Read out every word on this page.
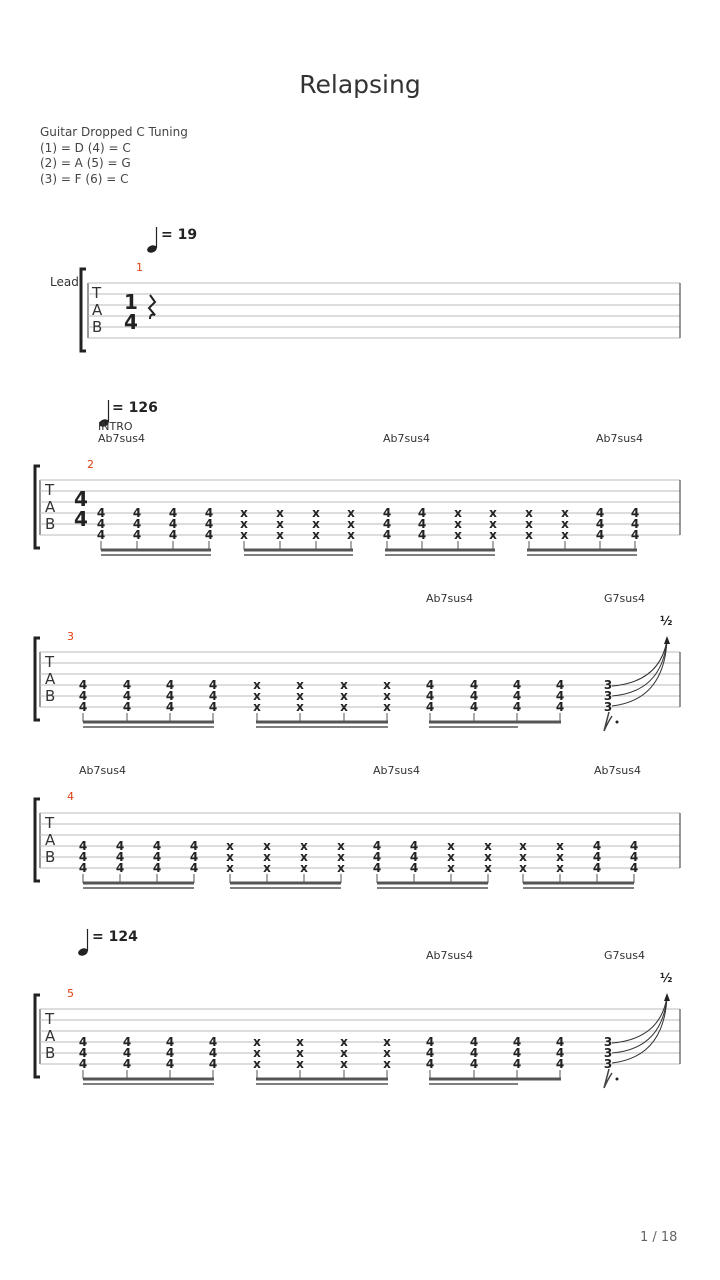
Relapsing
Guitar Dropped C Tuning
(1) = D (4) = C
(2) = A (5) = G
(3) = F (6) = C
= 19
1
Lead
T
A
B
1
4
= 126
INTRO
Ab7sus4	Ab7sus4	Ab7sus4
2
T
A
B
4
4 4
4
4
4
4
4
4
4
4
4
4
4
x
x
x
x
x
x
x
x
x
x
x
x
4
4
4
4
4
4
x
x
x
x
x
x
x
x
x
x
x
x
4
4
4
4
4
4
Ab7sus4	G7sus4
3
T
A
B
4
4
4
4
4
4
4
4
4
4
4
4
x
x
x
x
x
x
x
x
x
x
x
x
4
4
4
4
4
4
4
4
4
4
4
4
3
3
3
½
Ab7sus4	Ab7sus4	Ab7sus4
4
T
A
B
4
4
4
4
4
4
4
4
4
4
4
4
x
x
x
x
x
x
x
x
x
x
x
x
4
4
4
4
4
4
x
x
x
x
x
x
x
x
x
x
x
x
4
4
4
4
4
4
= 124
Ab7sus4	G7sus4
5
T
A
B
4
4
4
4
4
4
4
4
4
4
4
4
x
x
x
x
x
x
x
x
x
x
x
x
4
4
4
4
4
4
4
4
4
4
4
4
3
3
3
½
1 / 18
